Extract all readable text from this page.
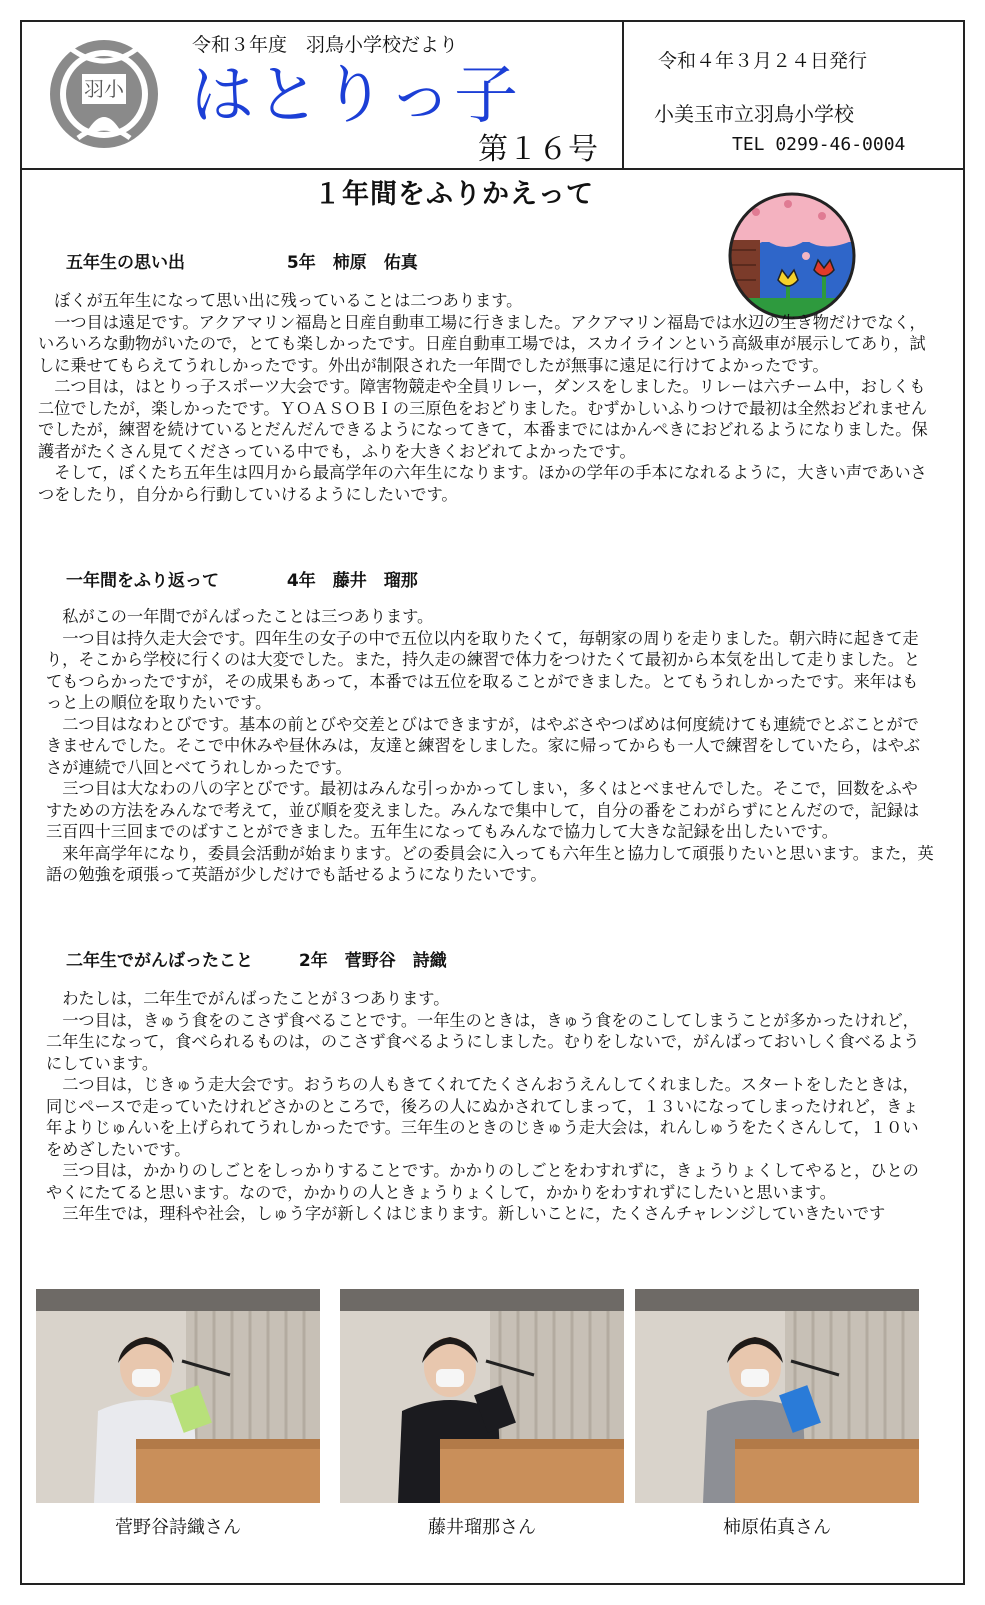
羽小
令和３年度　羽鳥小学校だより
はとりっ子
第１６号
令和４年３月２４日発行
小美玉市立羽鳥小学校
TEL 0299-46-0004
１年間をふりかえって
五年生の思い出	5年　柿原　佑真

ぼくが五年生になって思い出に残っていることは二つあります。

一つ目は遠足です。アクアマリン福島と日産自動車工場に行きました。アクアマリン福島では水辺の生き物だけでなく，いろいろな動物がいたので，とても楽しかったです。日産自動車工場では，スカイラインという高級車が展示してあり，試しに乗せてもらえてうれしかったです。外出が制限された一年間でしたが無事に遠足に行けてよかったです。

二つ目は，はとりっ子スポーツ大会です。障害物競走や全員リレー，ダンスをしました。リレーは六チーム中，おしくも二位でしたが，楽しかったです。ＹＯＡＳＯＢＩの三原色をおどりました。むずかしいふりつけで最初は全然おどれませんでしたが，練習を続けているとだんだんできるようになってきて，本番までにはかんぺきにおどれるようになりました。保護者がたくさん見てくださっている中でも，ふりを大きくおどれてよかったです。

そして，ぼくたち五年生は四月から最高学年の六年生になります。ほかの学年の手本になれるように，大きい声であいさつをしたり，自分から行動していけるようにしたいです。

一年間をふり返って	4年　藤井　瑠那

私がこの一年間でがんばったことは三つあります。

一つ目は持久走大会です。四年生の女子の中で五位以内を取りたくて，毎朝家の周りを走りました。朝六時に起きて走り，そこから学校に行くのは大変でした。また，持久走の練習で体力をつけたくて最初から本気を出して走りました。とてもつらかったですが，その成果もあって，本番では五位を取ることができました。とてもうれしかったです。来年はもっと上の順位を取りたいです。

二つ目はなわとびです。基本の前とびや交差とびはできますが，はやぶさやつばめは何度続けても連続でとぶことができませんでした。そこで中休みや昼休みは，友達と練習をしました。家に帰ってからも一人で練習をしていたら，はやぶさが連続で八回とべてうれしかったです。

三つ目は大なわの八の字とびです。最初はみんな引っかかってしまい，多くはとべませんでした。そこで，回数をふやすための方法をみんなで考えて，並び順を変えました。みんなで集中して，自分の番をこわがらずにとんだので，記録は三百四十三回までのばすことができました。五年生になってもみんなで協力して大きな記録を出したいです。

来年高学年になり，委員会活動が始まります。どの委員会に入っても六年生と協力して頑張りたいと思います。また，英語の勉強を頑張って英語が少しだけでも話せるようになりたいです。

二年生でがんばったこと	2年　菅野谷　詩織

わたしは，二年生でがんばったことが３つあります。

一つ目は，きゅう食をのこさず食べることです。一年生のときは，きゅう食をのこしてしまうことが多かったけれど，二年生になって，食べられるものは，のこさず食べるようにしました。むりをしないで，がんばっておいしく食べるようにしています。

二つ目は，じきゅう走大会です。おうちの人もきてくれてたくさんおうえんしてくれました。スタートをしたときは，同じペースで走っていたけれどさかのところで，後ろの人にぬかされてしまって，１３いになってしまったけれど，きょ年よりじゅんいを上げられてうれしかったです。三年生のときのじきゅう走大会は，れんしゅうをたくさんして，１０いをめざしたいです。

三つ目は，かかりのしごとをしっかりすることです。かかりのしごとをわすれずに，きょうりょくしてやると，ひとのやくにたてると思います。なので，かかりの人ときょうりょくして，かかりをわすれずにしたいと思います。

三年生では，理科や社会，しゅう字が新しくはじまります。新しいことに，たくさんチャレンジしていきたいです

菅野谷詩織さん	藤井瑠那さん	柿原佑真さん
